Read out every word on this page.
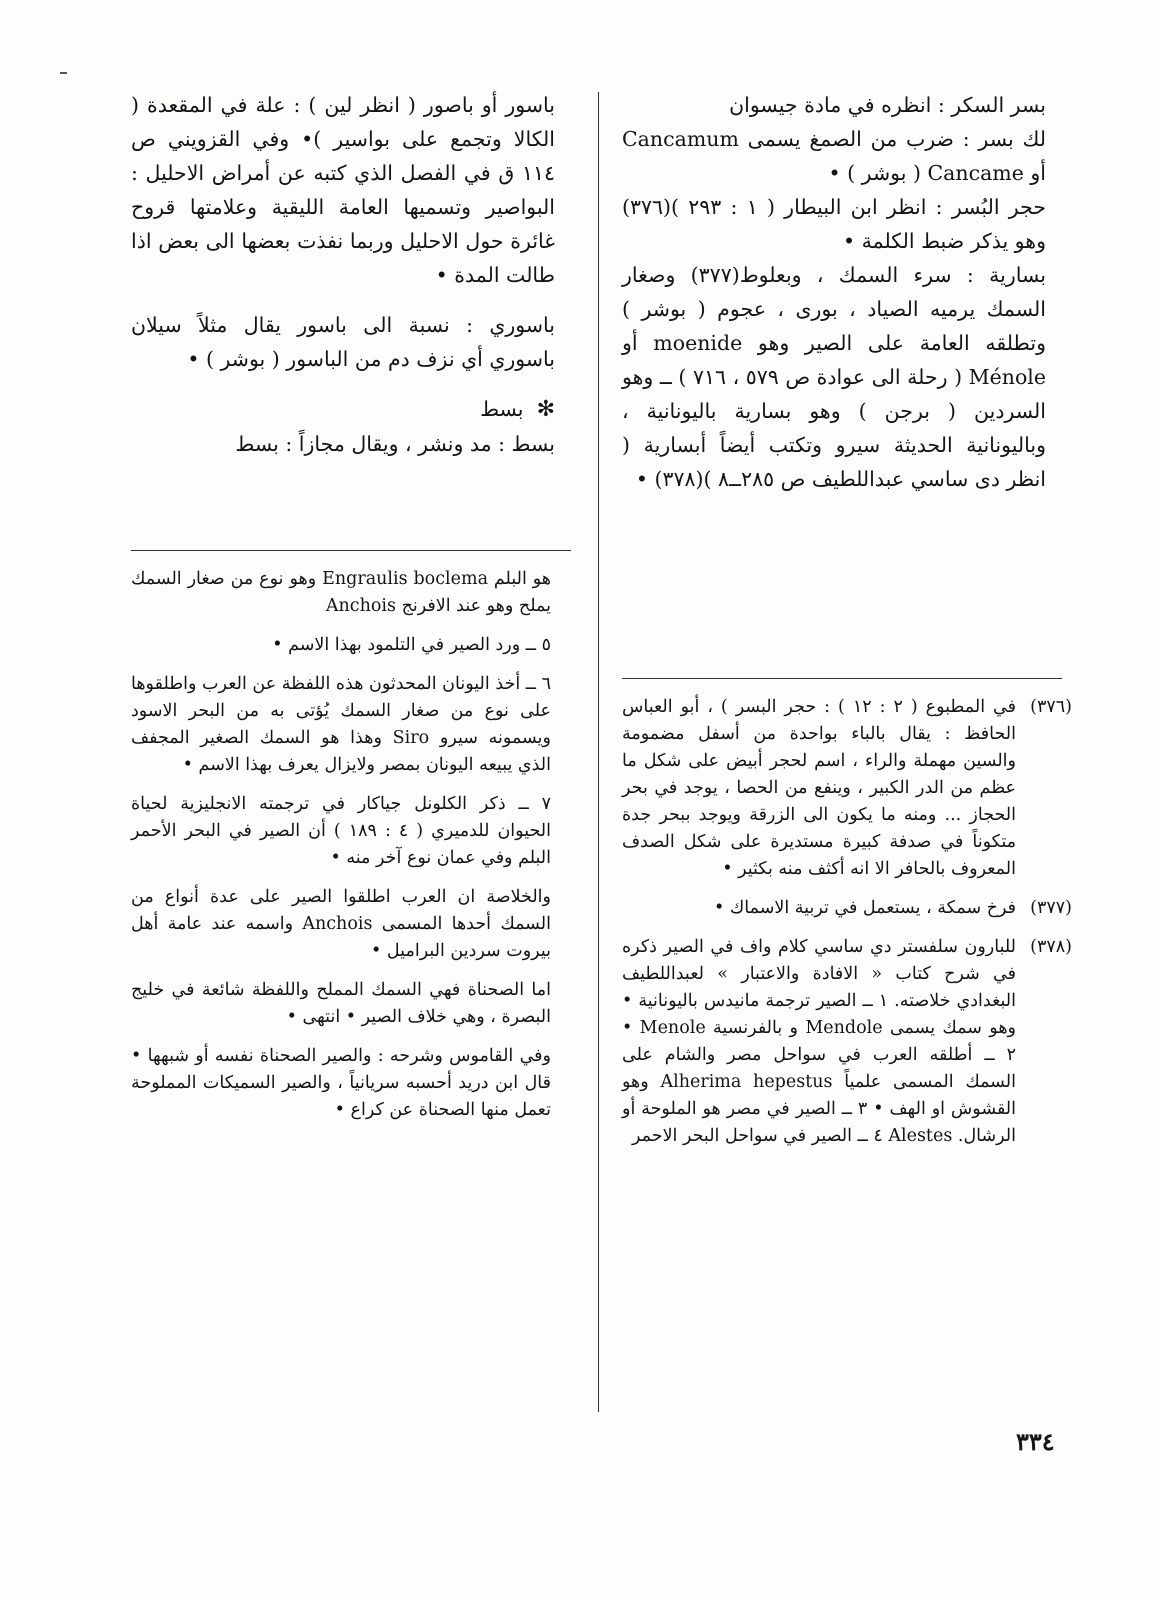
بسر السكر : انظره في مادة جيسوان

لك بسر : ضرب من الصمغ يسمى Cancamum أو Cancame ( بوشر ) •

حجر البُسر : انظر ابن البيطار ( ١ : ٢٩٣ )(٣٧٦) وهو يذكر ضبط الكلمة •

بسارية : سرء السمك ، وبعلوط(٣٧٧) وصغار السمك يرميه الصياد ، بورى ، عجوم ( بوشر ) وتطلقه العامة على الصير وهو moenide أو Ménole ( رحلة الى عوادة ص ٥٧٩ ، ٧١٦ ) ــ وهو السردين ( برجن ) وهو بسارية باليونانية ، وباليونانية الحديثة سيرو وتكتب أيضاً أبسارية ( انظر دى ساسي عبداللطيف ص ٢٨٥ــ٨ )(٣٧٨) •

باسور أو باصور ( انظر لين ) : علة في المقعدة ( الكالا وتجمع على بواسير )• وفي القزويني ص ١١٤ ق في الفصل الذي كتبه عن أمراض الاحليل : البواصير وتسميها العامة الليقية وعلامتها قروح غائرة حول الاحليل وربما نفذت بعضها الى بعض اذا طالت المدة •

باسوري : نسبة الى باسور يقال مثلاً سيلان باسوري أي نزف دم من الباسور ( بوشر ) •

✻  بسط

بسط : مد ونشر ، ويقال مجازاً : بسط

هو البلم Engraulis boclema وهو نوع من صغار السمك يملح وهو عند الافرنج Anchois

٥ ــ ورد الصير في التلمود بهذا الاسم •

٦ ــ أخذ اليونان المحدثون هذه اللفظة عن العرب واطلقوها على نوع من صغار السمك يُؤتى به من البحر الاسود ويسمونه سيرو Siro وهذا هو السمك الصغير المجفف الذي يبيعه اليونان بمصر ولايزال يعرف بهذا الاسم •

٧ ــ ذكر الكلونل جياكار في ترجمته الانجليزية لحياة الحيوان للدميري ( ٤ : ١٨٩ ) أن الصير في البحر الأحمر البلم وفي عمان نوع آخر منه •

والخلاصة ان العرب اطلقوا الصير على عدة أنواع من السمك أحدها المسمى Anchois واسمه عند عامة أهل بيروت سردين البراميل •

اما الصحناة فهي السمك المملح واللفظة شائعة في خليج البصرة ، وهي خلاف الصير • انتهى •

وفي القاموس وشرحه : والصير الصحناة نفسه أو شبهها • قال ابن دريد أحسبه سريانياً ، والصير السميكات المملوحة تعمل منها الصحناة عن كراع •

(٣٧٦)
في المطبوع ( ٢ : ١٢ ) : حجر البسر ) ، أبو العباس الحافظ : يقال بالباء بواحدة من أسفل مضمومة والسين مهملة والراء ، اسم لحجر أبيض على شكل ما عظم من الدر الكبير ، وينفع من الحصا ، يوجد في بحر الحجاز ... ومنه ما يكون الى الزرقة ويوجد ببحر جدة متكوناً في صدفة كبيرة مستديرة على شكل الصدف المعروف بالحافر الا انه أكثف منه بكثير •
(٣٧٧)
فرخ سمكة ، يستعمل في تربية الاسماك •
(٣٧٨)
للبارون سلفستر دي ساسي كلام واف في الصير ذكره في شرح كتاب « الافادة والاعتبار » لعبداللطيف البغدادي خلاصته. ١ ــ الصير ترجمة مانيدس باليونانية • وهو سمك يسمى Mendole و بالفرنسية Menole • ٢ ــ أطلقه العرب في سواحل مصر والشام على السمك المسمى علمياً Alherima hepestus وهو القشوش او الهف • ٣ ــ الصير في مصر هو الملوحة أو الرشال. Alestes ٤ ــ الصير في سواحل البحر الاحمر
٣٣٤
